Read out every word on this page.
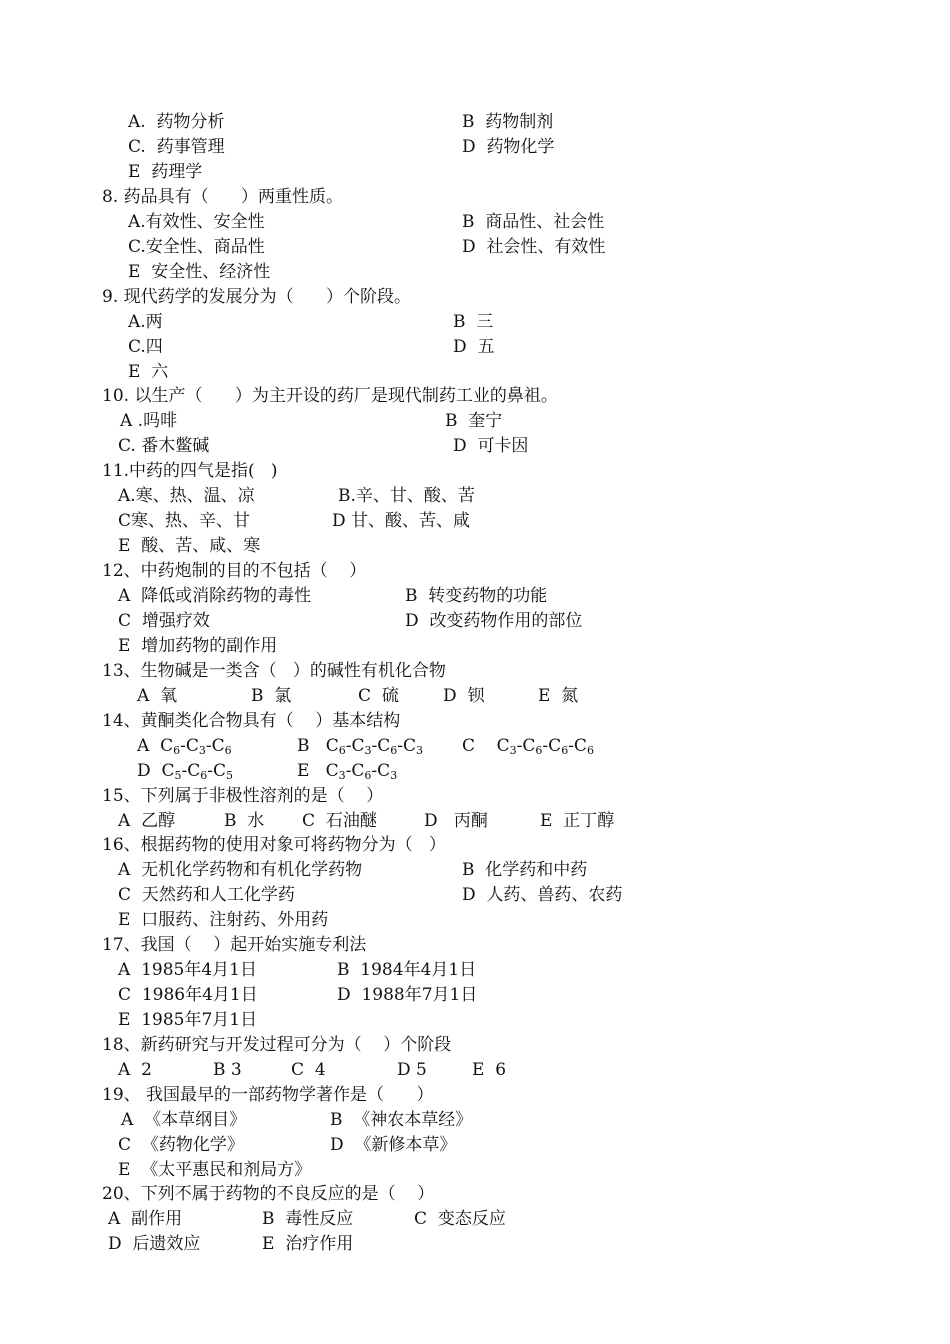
A.  药物分析	B  药物制剂
C.  药事管理	D  药物化学
E  药理学
8. 药品具有（      ）两重性质。
A.有效性、安全性	B  商品性、社会性
C.安全性、商品性	D  社会性、有效性
E  安全性、经济性
9. 现代药学的发展分为（      ）个阶段。
A.两	B  三
C.四	D  五
E  六
10. 以生产（      ）为主开设的药厂是现代制药工业的鼻祖。
A .吗啡	B  奎宁
C. 番木鳖碱	D  可卡因
11.中药的四气是指(   )
A.寒、热、温、凉	B.辛、甘、酸、苦
C寒、热、辛、甘	D 甘、酸、苦、咸
E  酸、苦、咸、寒
12、中药炮制的目的不包括（    ）
A  降低或消除药物的毒性	B  转变药物的功能
C  增强疗效	D  改变药物作用的部位
E  增加药物的副作用
13、生物碱是一类含（   ）的碱性有机化合物
A  氧	B  氯	C  硫	D  钡	E  氮
14、黄酮类化合物具有（    ）基本结构
A $C_6-C_3-C_6$	B $C_6-C_3-C_6-C_3$ C $C_3-C_6-C_6-C_6$
D $C_5-C_6-C_5$	E $C_3-C_6-C_3$
15、下列属于非极性溶剂的是（    ）
A  乙醇	B  水 C  石油醚	D   丙酮	E  正丁醇
16、根据药物的使用对象可将药物分为（   ）
A  无机化学药物和有机化学药物	B  化学药和中药
C  天然药和人工化学药	D  人药、兽药、农药
E  口服药、注射药、外用药
17、我国（    ）起开始实施专利法
A  1985年4月1日	B  1984年4月1日
C  1986年4月1日	D  1988年7月1日
E  1985年7月1日
18、新药研究与开发过程可分为（    ）个阶段
A  2	B 3	C  4	D 5	E  6
19、 我国最早的一部药物学著作是（      ）
A  《本草纲目》	B  《神农本草经》
C  《药物化学》	D  《新修本草》
E  《太平惠民和剂局方》
20、下列不属于药物的不良反应的是（    ）
A  副作用	B  毒性反应	C  变态反应
D  后遗效应	E  治疗作用
